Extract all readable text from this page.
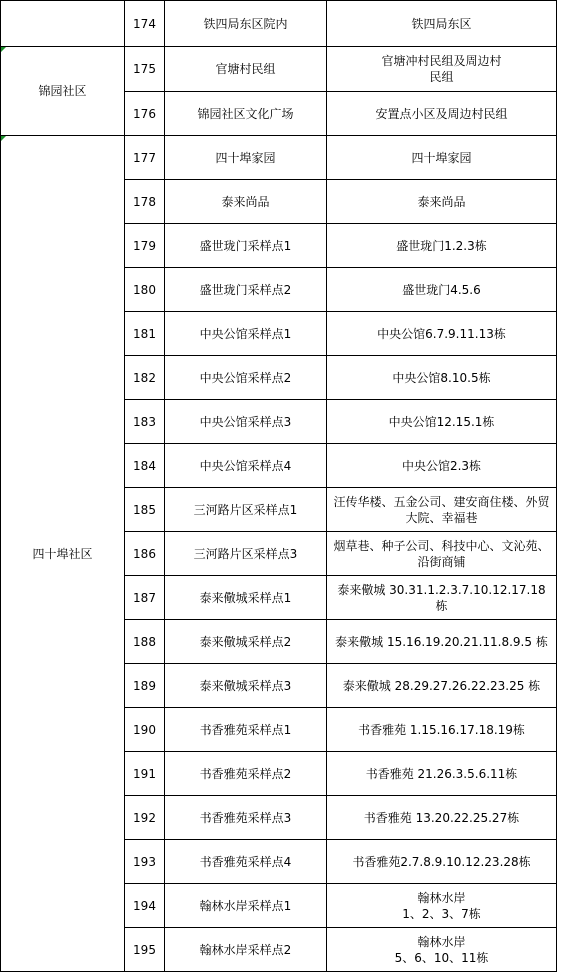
	174	铁四局东区院内	铁四局东区	
锦园社区	175	官塘村民组	官塘冲村民组及周边村民组	

	176	锦园社区文化广场	安置点小区及周边村民组	
四十埠社区	177	四十埠家园	四十埠家园	
	178	泰来尚品	泰来尚品	
	179	盛世珑门采样点1	盛世珑门1.2.3栋	
	180	盛世珑门采样点2	盛世珑门4.5.6	
	181	中央公馆采样点1	中央公馆6.7.9.11.13栋	
	182	中央公馆采样点2	中央公馆8.10.5栋	
	183	中央公馆采样点3	中央公馆12.15.1栋	
	184	中央公馆采样点4	中央公馆2.3栋	
	185	三河路片区采样点1	汪传华楼、五金公司、建安商住楼、外贸大院、幸福巷	
	186	三河路片区采样点3	烟草巷、种子公司、科技中心、文沁苑、沿街商铺	
	187	泰来儆城采样点1	泰来儆城 30.31.1.2.3.7.10.12.17.18 栋	
	188	泰来儆城采样点2	泰来儆城 15.16.19.20.21.11.8.9.5 栋	
	189	泰来儆城采样点3	泰来儆城 28.29.27.26.22.23.25 栋	
	190	书香雅苑采样点1	书香雅苑 1.15.16.17.18.19栋	
	191	书香雅苑采样点2	书香雅苑 21.26.3.5.6.11栋	
	192	书香雅苑采样点3	书香雅苑 13.20.22.25.27栋	
	193	书香雅苑采样点4	书香雅苑2.7.8.9.10.12.23.28栋	
	194	翰林水岸采样点1	翰林水岸
1、2、3、7栋	

	195	翰林水岸采样点2	翰林水岸
5、6、10、11栋	
